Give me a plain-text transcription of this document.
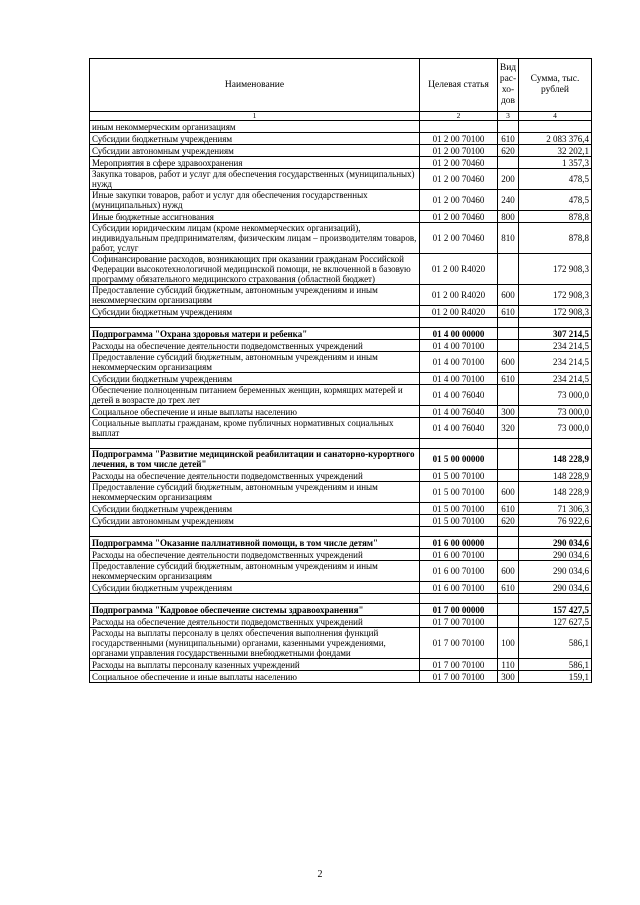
Наименование	Целевая статья	Вид рас-хо-дов	Сумма, тыс. рублей
1	2	3	4
иным некоммерческим организациям			
Субсидии бюджетным учреждениям	01 2 00 70100	610	2 083 376,4
Субсидии автономным учреждениям	01 2 00 70100	620	32 202,1
Мероприятия в сфере здравоохранения	01 2 00 70460		1 357,3
Закупка товаров, работ и услуг для обеспечения государственных (муниципальных) нужд	01 2 00 70460	200	478,5
Иные закупки товаров, работ и услуг для обеспечения государственных (муниципальных) нужд	01 2 00 70460	240	478,5
Иные бюджетные ассигнования	01 2 00 70460	800	878,8
Субсидии юридическим лицам (кроме некоммерческих организаций), индивидуальным предпринимателям, физическим лицам – производителям товаров, работ, услуг	01 2 00 70460	810	878,8
Софинансирование расходов, возникающих при оказании гражданам Российской Федерации высокотехнологичной медицинской помощи, не включенной в базовую программу обязательного медицинского страхования (областной бюджет)	01 2 00 R4020		172 908,3
Предоставление субсидий бюджетным, автономным учреждениям и иным некоммерческим организациям	01 2 00 R4020	600	172 908,3
Субсидии бюджетным учреждениям	01 2 00 R4020	610	172 908,3

Подпрограмма "Охрана здоровья матери и ребенка"	01 4 00 00000		307 214,5
Расходы на обеспечение деятельности подведомственных учреждений	01 4 00 70100		234 214,5
Предоставление субсидий бюджетным, автономным учреждениям и иным некоммерческим организациям	01 4 00 70100	600	234 214,5
Субсидии бюджетным учреждениям	01 4 00 70100	610	234 214,5
Обеспечение полноценным питанием беременных женщин, кормящих матерей и детей в возрасте до трех лет	01 4 00 76040		73 000,0
Социальное обеспечение и иные выплаты населению	01 4 00 76040	300	73 000,0
Социальные выплаты гражданам, кроме публичных нормативных социальных выплат	01 4 00 76040	320	73 000,0

Подпрограмма "Развитие медицинской реабилитации и санаторно-курортного лечения, в том числе детей"	01 5 00 00000		148 228,9
Расходы на обеспечение деятельности подведомственных учреждений	01 5 00 70100		148 228,9
Предоставление субсидий бюджетным, автономным учреждениям и иным некоммерческим организациям	01 5 00 70100	600	148 228,9
Субсидии бюджетным учреждениям	01 5 00 70100	610	71 306,3
Субсидии автономным учреждениям	01 5 00 70100	620	76 922,6

Подпрограмма "Оказание паллиативной помощи, в том числе детям"	01 6 00 00000		290 034,6
Расходы на обеспечение деятельности подведомственных учреждений	01 6 00 70100		290 034,6
Предоставление субсидий бюджетным, автономным учреждениям и иным некоммерческим организациям	01 6 00 70100	600	290 034,6
Субсидии бюджетным учреждениям	01 6 00 70100	610	290 034,6

Подпрограмма "Кадровое обеспечение системы здравоохранения"	01 7 00 00000		157 427,5
Расходы на обеспечение деятельности подведомственных учреждений	01 7 00 70100		127 627,5
Расходы на выплаты персоналу в целях обеспечения выполнения функций государственными (муниципальными) органами, казенными учреждениями, органами управления государственными внебюджетными фондами	01 7 00 70100	100	586,1
Расходы на выплаты персоналу казенных учреждений	01 7 00 70100	110	586,1
Социальное обеспечение и иные выплаты населению	01 7 00 70100	300	159,1
2
